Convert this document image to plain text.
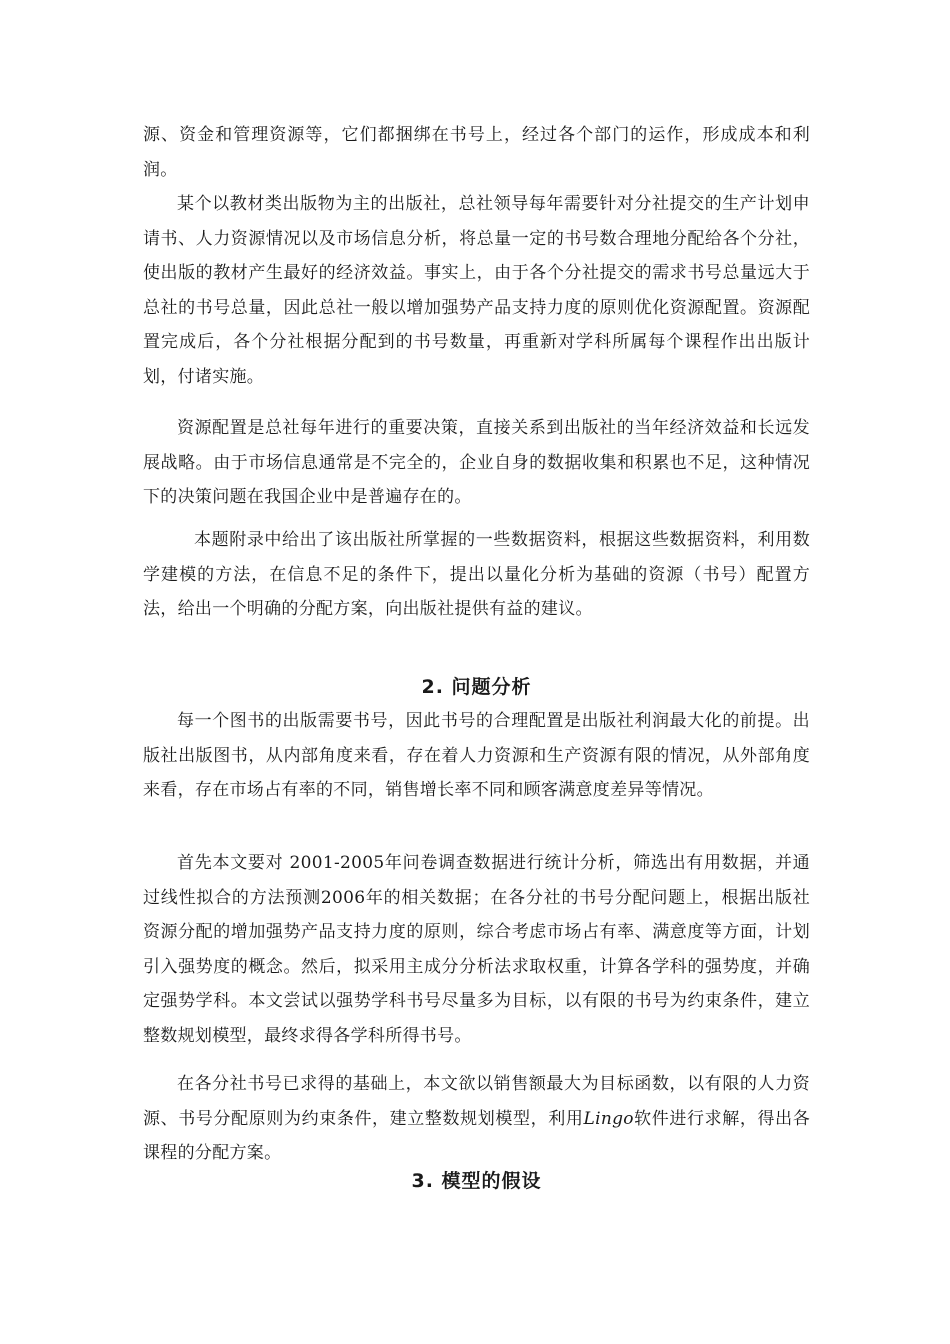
源、资金和管理资源等，它们都捆绑在书号上，经过各个部门的运作，形成成本和利润。

某个以教材类出版物为主的出版社，总社领导每年需要针对分社提交的生产计划申请书、人力资源情况以及市场信息分析，将总量一定的书号数合理地分配给各个分社，使出版的教材产生最好的经济效益。事实上，由于各个分社提交的需求书号总量远大于总社的书号总量，因此总社一般以增加强势产品支持力度的原则优化资源配置。资源配置完成后，各个分社根据分配到的书号数量，再重新对学科所属每个课程作出出版计划，付诸实施。

资源配置是总社每年进行的重要决策，直接关系到出版社的当年经济效益和长远发展战略。由于市场信息通常是不完全的，企业自身的数据收集和积累也不足，这种情况下的决策问题在我国企业中是普遍存在的。

本题附录中给出了该出版社所掌握的一些数据资料，根据这些数据资料，利用数学建模的方法，在信息不足的条件下，提出以量化分析为基础的资源（书号）配置方法，给出一个明确的分配方案，向出版社提供有益的建议。

2. 问题分析

每一个图书的出版需要书号，因此书号的合理配置是出版社利润最大化的前提。出版社出版图书，从内部角度来看，存在着人力资源和生产资源有限的情况，从外部角度来看，存在市场占有率的不同，销售增长率不同和顾客满意度差异等情况。

首先本文要对 2001-2005年问卷调查数据进行统计分析，筛选出有用数据，并通过线性拟合的方法预测2006年的相关数据；在各分社的书号分配问题上，根据出版社资源分配的增加强势产品支持力度的原则，综合考虑市场占有率、满意度等方面，计划引入强势度的概念。然后，拟采用主成分分析法求取权重，计算各学科的强势度，并确定强势学科。本文尝试以强势学科书号尽量多为目标，以有限的书号为约束条件，建立整数规划模型，最终求得各学科所得书号。

在各分社书号已求得的基础上，本文欲以销售额最大为目标函数，以有限的人力资源、书号分配原则为约束条件，建立整数规划模型，利用Lingo软件进行求解，得出各课程的分配方案。

3. 模型的假设
